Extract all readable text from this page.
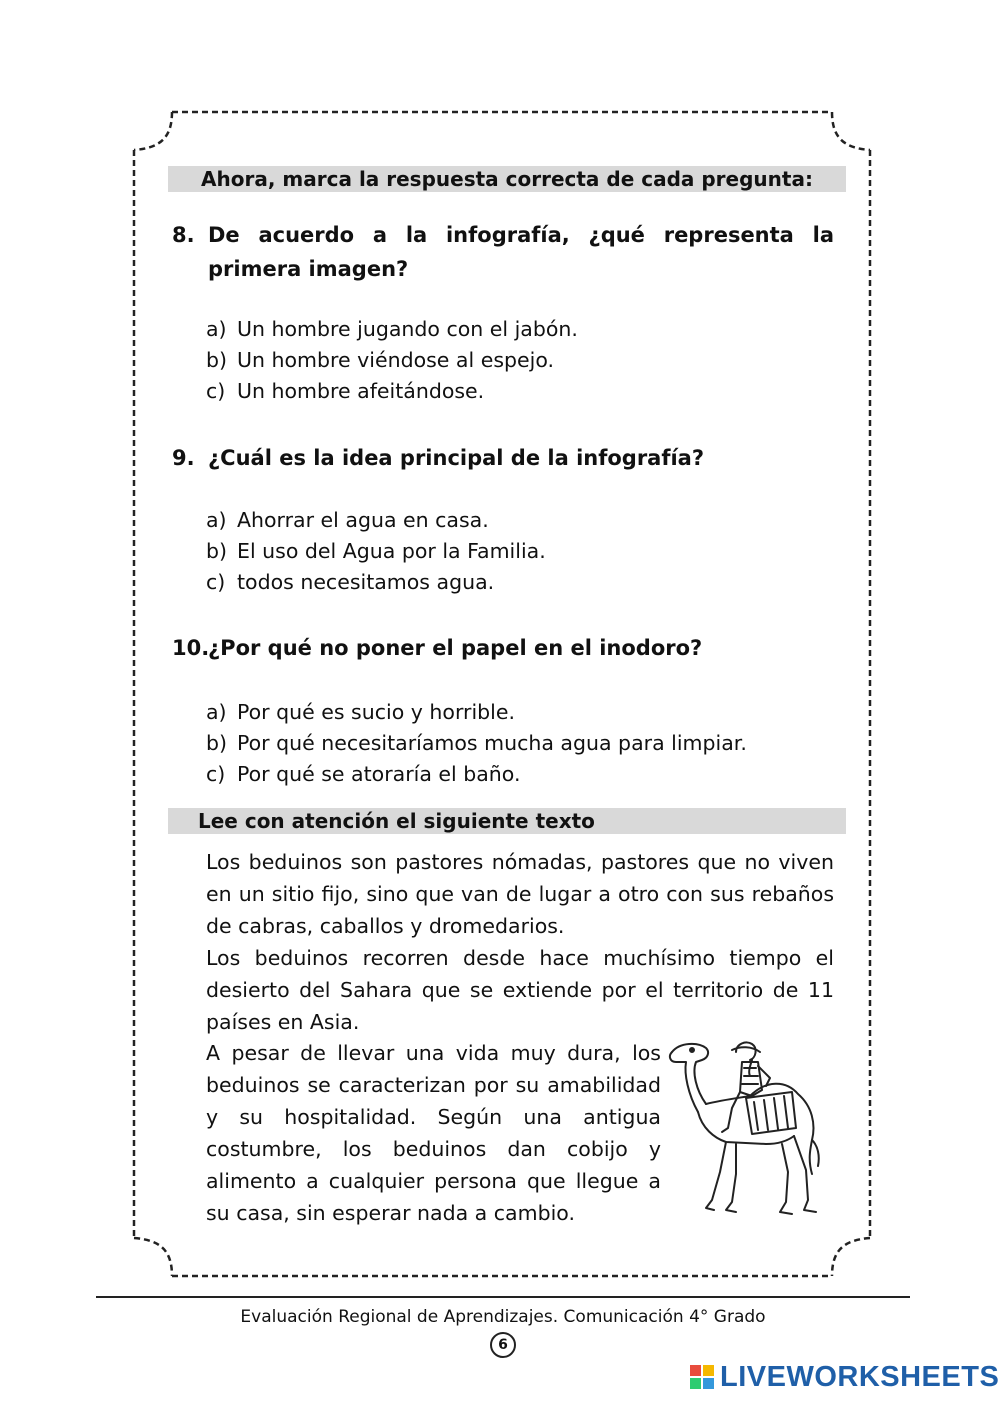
Ahora, marca la respuesta correcta de cada pregunta:
8. De acuerdo a la infografía, ¿qué representa la primera imagen?
a) Un hombre jugando con el jabón.
b) Un hombre viéndose al espejo.
c) Un hombre afeitándose.
9. ¿Cuál es la idea principal de la infografía?
a) Ahorrar el agua en casa.
b) El uso del Agua por la Familia.
c) todos necesitamos agua.
10.
¿Por qué no poner el papel en el inodoro?
a) Por qué es sucio y horrible.
b) Por qué necesitaríamos mucha agua para limpiar.
c) Por qué se atoraría el baño.
Lee con atención el siguiente texto
Los beduinos son pastores nómadas, pastores que no viven en un sitio fijo, sino que van de lugar a otro con sus rebaños de cabras, caballos y dromedarios.
Los beduinos recorren desde hace muchísimo tiempo el desierto del Sahara que se extiende por el territorio de 11 países en Asia.
A pesar de llevar una vida muy dura, los beduinos se caracterizan por su amabilidad y su hospitalidad. Según una antigua costumbre, los beduinos dan cobijo y alimento a cualquier persona que llegue a su casa, sin esperar nada a cambio.
Evaluación Regional de Aprendizajes. Comunicación 4° Grado
6
LIVEWORKSHEETS
